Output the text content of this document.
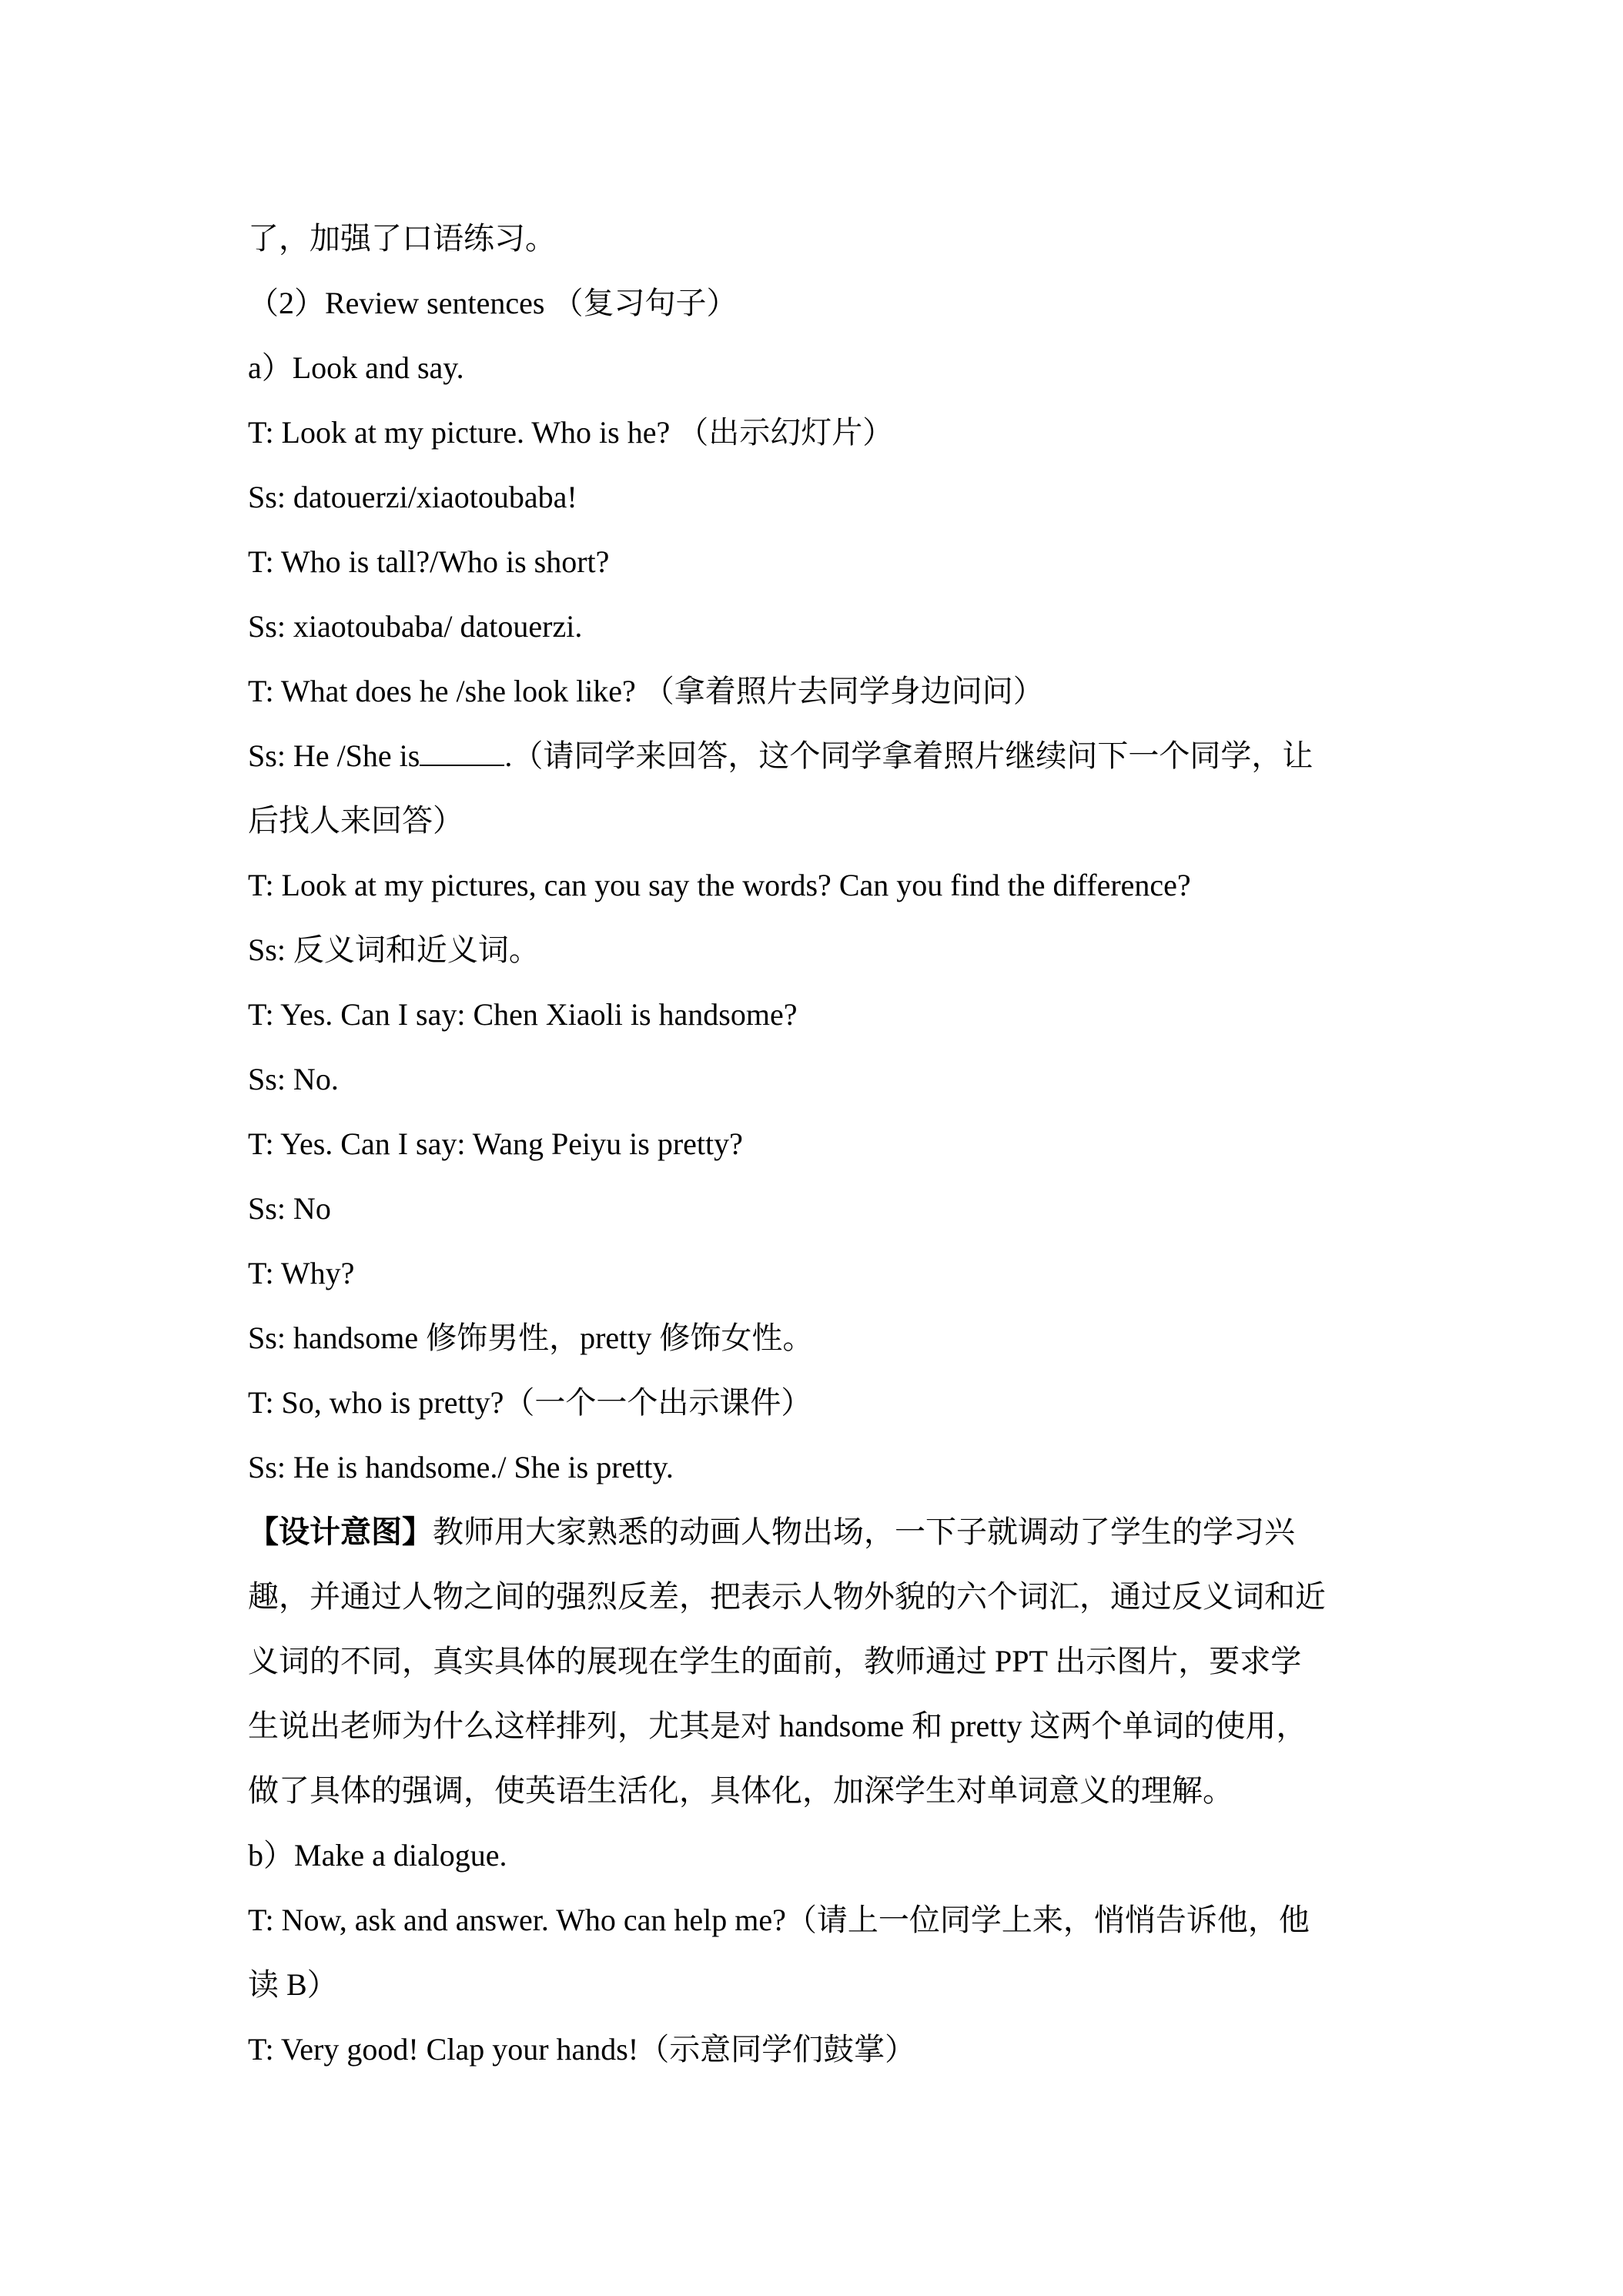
了，加强了口语练习。
（2）Review sentences （复习句子）
a）Look and say.
T: Look at my picture. Who is he? （出示幻灯片）
Ss: datouerzi/xiaotoubaba!
T: Who is tall?/Who is short?
Ss: xiaotoubaba/ datouerzi.
T: What does he /she look like? （拿着照片去同学身边问问）
Ss: He /She is	.（请同学来回答，这个同学拿着照片继续问下一个同学，让
后找人来回答）
T: Look at my pictures, can you say the words? Can you find the difference?
Ss: 反义词和近义词。
T: Yes. Can I say: Chen Xiaoli is handsome?
Ss: No.
T: Yes. Can I say: Wang Peiyu is pretty?
Ss: No
T: Why?
Ss: handsome 修饰男性，pretty 修饰女性。
T: So, who is pretty?（一个一个出示课件）
Ss: He is handsome./ She is pretty.
【设计意图】教师用大家熟悉的动画人物出场，一下子就调动了学生的学习兴
趣，并通过人物之间的强烈反差，把表示人物外貌的六个词汇，通过反义词和近
义词的不同，真实具体的展现在学生的面前，教师通过 PPT 出示图片，要求学
生说出老师为什么这样排列，尤其是对 handsome 和 pretty 这两个单词的使用，
做了具体的强调，使英语生活化，具体化，加深学生对单词意义的理解。
b）Make a dialogue.
T: Now, ask and answer. Who can help me?（请上一位同学上来，悄悄告诉他，他
读 B）
T: Very good! Clap your hands!（示意同学们鼓掌）
